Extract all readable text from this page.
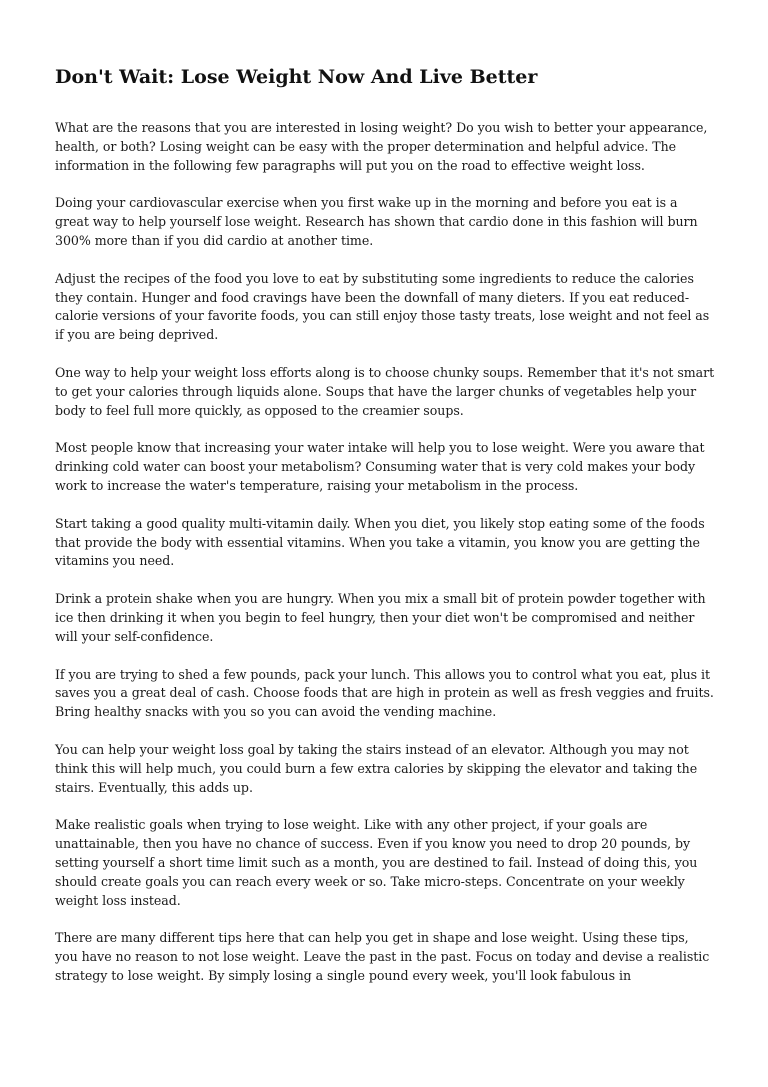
Don't Wait: Lose Weight Now And Live Better

What are the reasons that you are interested in losing weight? Do you wish to better your appearance, health, or both? Losing weight can be easy with the proper determination and helpful advice. The information in the following few paragraphs will put you on the road to effective weight loss.

Doing your cardiovascular exercise when you first wake up in the morning and before you eat is a great way to help yourself lose weight. Research has shown that cardio done in this fashion will burn 300% more than if you did cardio at another time.

Adjust the recipes of the food you love to eat by substituting some ingredients to reduce the calories they contain. Hunger and food cravings have been the downfall of many dieters. If you eat reduced-calorie versions of your favorite foods, you can still enjoy those tasty treats, lose weight and not feel as if you are being deprived.

One way to help your weight loss efforts along is to choose chunky soups. Remember that it's not smart to get your calories through liquids alone. Soups that have the larger chunks of vegetables help your body to feel full more quickly, as opposed to the creamier soups.

Most people know that increasing your water intake will help you to lose weight. Were you aware that drinking cold water can boost your metabolism? Consuming water that is very cold makes your body work to increase the water's temperature, raising your metabolism in the process.

Start taking a good quality multi-vitamin daily. When you diet, you likely stop eating some of the foods that provide the body with essential vitamins. When you take a vitamin, you know you are getting the vitamins you need.

Drink a protein shake when you are hungry. When you mix a small bit of protein powder together with ice then drinking it when you begin to feel hungry, then your diet won't be compromised and neither will your self-confidence.

If you are trying to shed a few pounds, pack your lunch. This allows you to control what you eat, plus it saves you a great deal of cash. Choose foods that are high in protein as well as fresh veggies and fruits. Bring healthy snacks with you so you can avoid the vending machine.

You can help your weight loss goal by taking the stairs instead of an elevator. Although you may not think this will help much, you could burn a few extra calories by skipping the elevator and taking the stairs. Eventually, this adds up.

Make realistic goals when trying to lose weight. Like with any other project, if your goals are unattainable, then you have no chance of success. Even if you know you need to drop 20 pounds, by setting yourself a short time limit such as a month, you are destined to fail. Instead of doing this, you should create goals you can reach every week or so. Take micro-steps. Concentrate on your weekly weight loss instead.

There are many different tips here that can help you get in shape and lose weight. Using these tips, you have no reason to not lose weight. Leave the past in the past. Focus on today and devise a realistic strategy to lose weight. By simply losing a single pound every week, you'll look fabulous in
